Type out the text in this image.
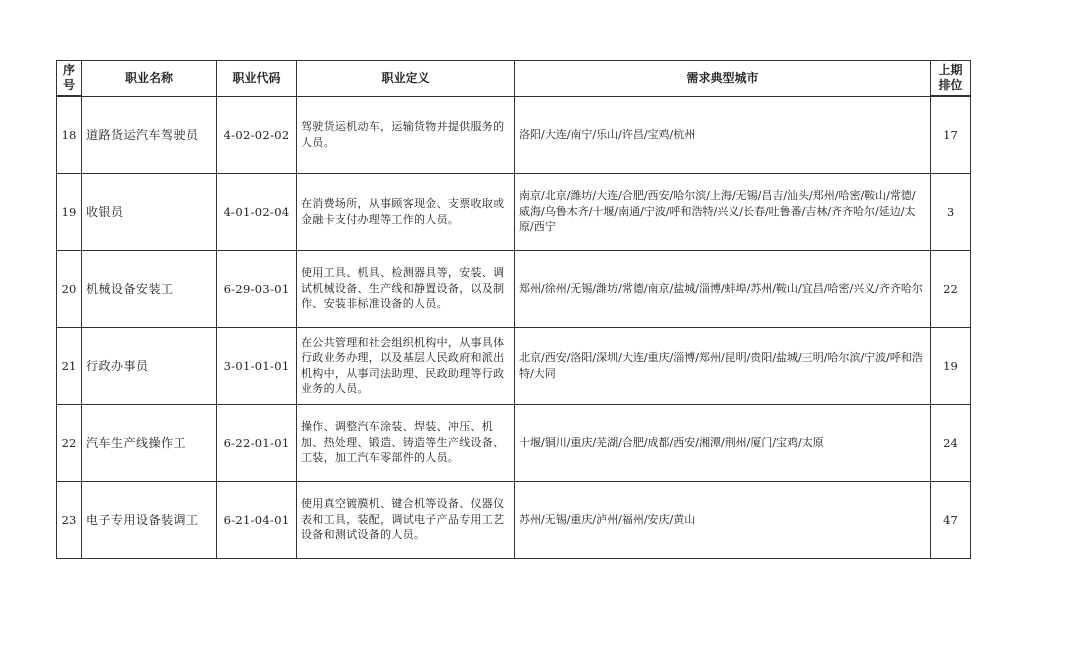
序号	职业名称	职业代码	职业定义	需求典型城市	上期排位
18	道路货运汽车驾驶员	4-02-02-02	驾驶货运机动车，运输货物并提供服务的人员。	洛阳/大连/南宁/乐山/许昌/宝鸡/杭州	17
19	收银员	4-01-02-04	在消费场所，从事顾客现金、支票收取或金融卡支付办理等工作的人员。	南京/北京/潍坊/大连/合肥/西安/哈尔滨/上海/无锡/昌吉/汕头/郑州/哈密/鞍山/常德/威海/乌鲁木齐/十堰/南通/宁波/呼和浩特/兴义/长春/吐鲁番/吉林/齐齐哈尔/延边/太原/西宁	3
20	机械设备安装工	6-29-03-01	使用工具、机具、检测器具等，安装、调试机械设备、生产线和静置设备，以及制作、安装非标准设备的人员。	郑州/徐州/无锡/潍坊/常德/南京/盐城/淄博/蚌埠/苏州/鞍山/宜昌/哈密/兴义/齐齐哈尔	22
21	行政办事员	3-01-01-01	在公共管理和社会组织机构中，从事具体行政业务办理，以及基层人民政府和派出机构中，从事司法助理、民政助理等行政业务的人员。	北京/西安/洛阳/深圳/大连/重庆/淄博/郑州/昆明/贵阳/盐城/三明/哈尔滨/宁波/呼和浩特/大同	19
22	汽车生产线操作工	6-22-01-01	操作、调整汽车涂装、焊装、冲压、机加、热处理、锻造、铸造等生产线设备、工装，加工汽车零部件的人员。	十堰/铜川/重庆/芜湖/合肥/成都/西安/湘潭/荆州/厦门/宝鸡/太原	24
23	电子专用设备装调工	6-21-04-01	使用真空镀膜机、键合机等设备、仪器仪表和工具，装配，调试电子产品专用工艺设备和测试设备的人员。	苏州/无锡/重庆/泸州/福州/安庆/黄山	47
